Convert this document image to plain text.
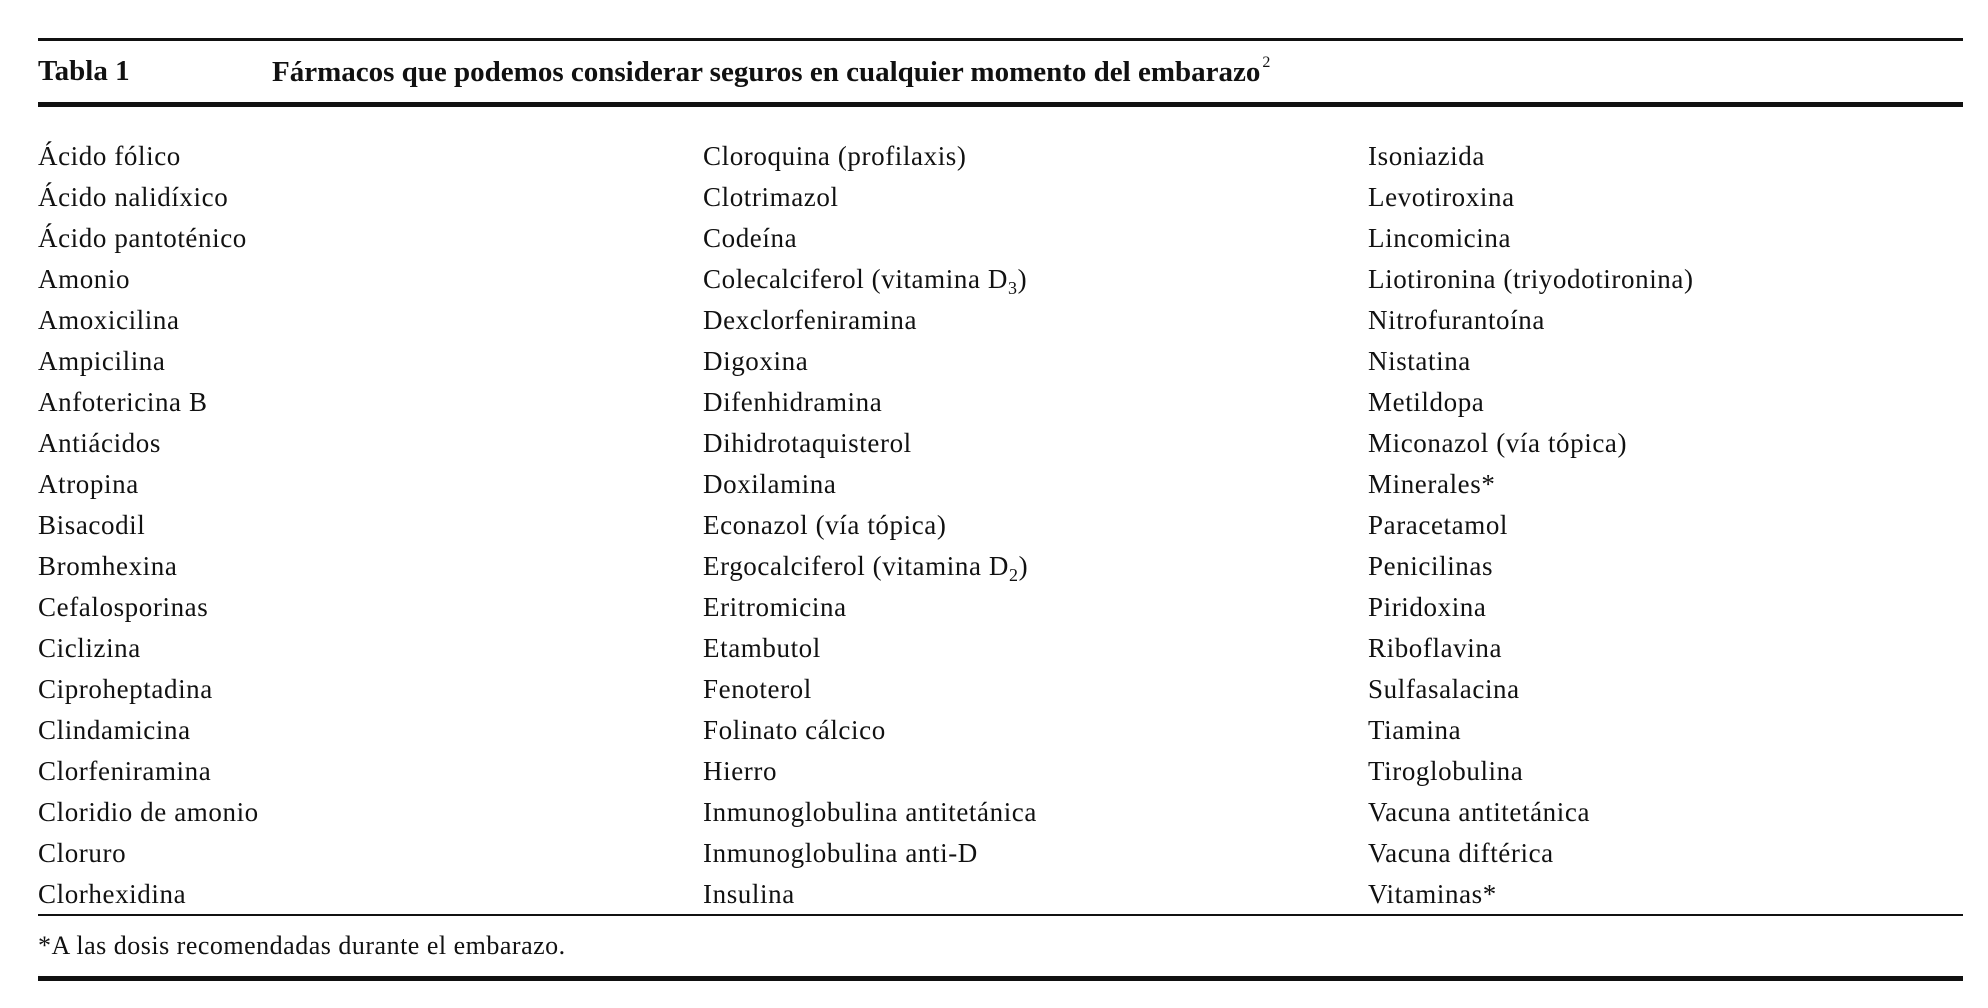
Tabla 1	Fármacos que podemos considerar seguros en cualquier momento del embarazo $^2$
Ácido fólico
Ácido nalidíxico
Ácido pantoténico
Amonio
Amoxicilina
Ampicilina
Anfotericina B
Antiácidos
Atropina
Bisacodil
Bromhexina
Cefalosporinas
Ciclizina
Ciproheptadina
Clindamicina
Clorfeniramina
Cloridio de amonio
Cloruro
Clorhexidina
Cloroquina (profilaxis)
Clotrimazol
Codeína
Colecalciferol (vitamina $D_3$)
Dexclorfeniramina
Digoxina
Difenhidramina
Dihidrotaquisterol
Doxilamina
Econazol (vía tópica)
Ergocalciferol (vitamina $D_2$)
Eritromicina
Etambutol
Fenoterol
Folinato cálcico
Hierro
Inmunoglobulina antitetánica
Inmunoglobulina anti-D
Insulina
Isoniazida
Levotiroxina
Lincomicina
Liotironina (triyodotironina)
Nitrofurantoína
Nistatina
Metildopa
Miconazol (vía tópica)
Minerales*
Paracetamol
Penicilinas
Piridoxina
Riboflavina
Sulfasalacina
Tiamina
Tiroglobulina
Vacuna antitetánica
Vacuna diftérica
Vitaminas*
*A las dosis recomendadas durante el embarazo.
